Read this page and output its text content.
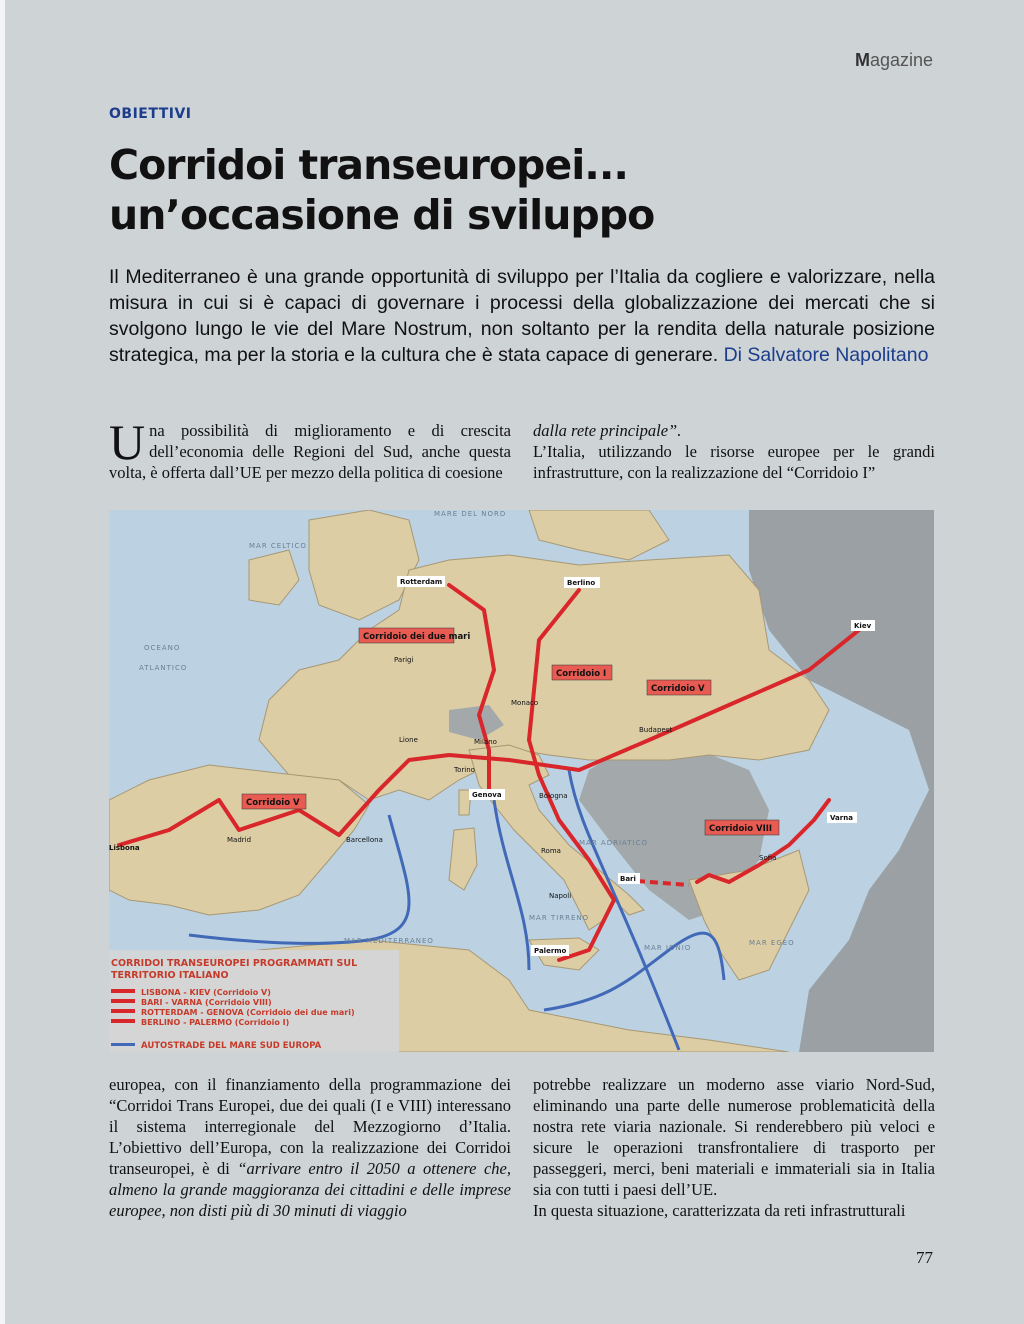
Magazine
OBIETTIVI
Corridoi transeuropei...
un’occasione di sviluppo

Il Mediterraneo è una grande opportunità di sviluppo per l’Italia da cogliere e valorizzare, nella misura in cui si è capaci di governare i processi della globalizzazione dei mercati che si svolgono lungo le vie del Mare Nostrum, non soltanto per la rendita della naturale posizione strategica, ma per la storia e la cultura che è stata capace di generare. Di Salvatore Napolitano

Una possibilità di miglioramento e di crescita dell’economia delle Regioni del Sud, anche questa volta, è offerta dall’UE per mezzo della politica di coesione

dalla rete principale”.
L’Italia, utilizzando le risorse europee per le grandi infrastrutture, con la realizzazione del “Corridoio I”

MARE DEL NORD
MAR CELTICO
OCEANO
ATLANTICO
MAR MEDITERRANEO
MAR TIRRENO
MAR ADRIATICO
MAR IONIO
MAR EGEO
Rotterdam	Berlino
Kiev
Genova
Lisbona
Varna
Bari
Palermo
Milano
Torino
Madrid	Barcellona
Lione
Budapest
Napoli
Bologna
Parigi
Monaco
Roma
Sofia
Corridoio dei due mari
Corridoio I
Corridoio V
Corridoio V
Corridoio VIII
CORRIDOI TRANSEUROPEI PROGRAMMATI SUL
TERRITORIO ITALIANO
LISBONA - KIEV (Corridoio V)
BARI - VARNA (Corridoio VIII)
ROTTERDAM - GENOVA (Corridoio dei due mari)
BERLINO - PALERMO (Corridoio I)
AUTOSTRADE DEL MARE SUD EUROPA

europea, con il finanziamento della programmazione dei “Corridoi Trans Europei, due dei quali (I e VIII) interessano il sistema interregionale del Mezzogiorno d’Italia. L’obiettivo dell’Europa, con la realizzazione dei Corridoi transeuropei, è di “arrivare entro il 2050 a ottenere che, almeno la grande maggioranza dei cittadini e delle imprese europee, non disti più di 30 minuti di viaggio

potrebbe realizzare un moderno asse viario Nord-Sud, eliminando una parte delle numerose problematicità della nostra rete viaria nazionale. Si renderebbero più veloci e sicure le operazioni transfrontaliere di trasporto per passeggeri, merci, beni materiali e immateriali sia in Italia sia con tutti i paesi dell’UE.
In questa situazione, caratterizzata da reti infrastrutturali

77
